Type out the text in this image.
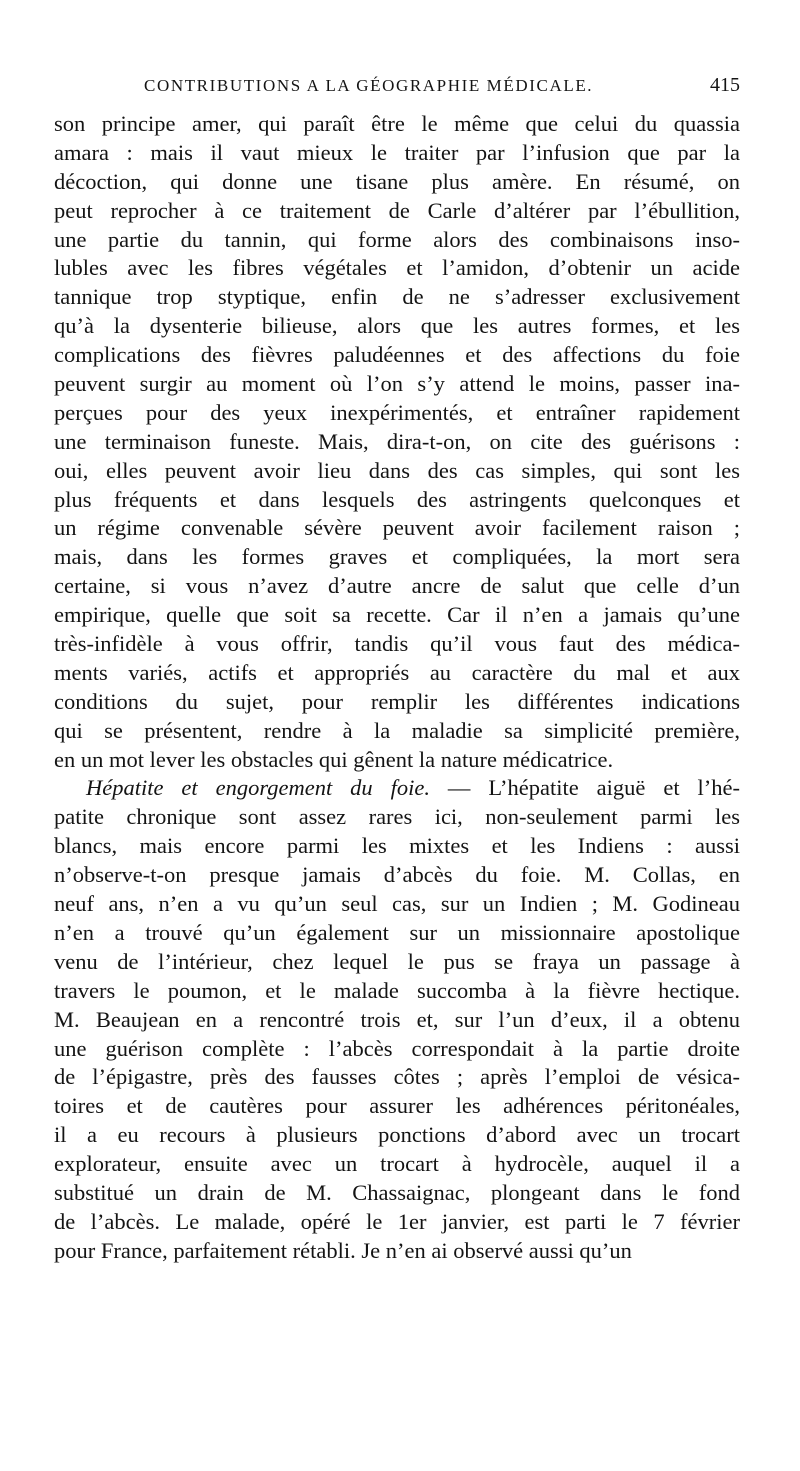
CONTRIBUTIONS A LA GÉOGRAPHIE MÉDICALE.	415
son principe amer, qui paraît être le même que celui du quassia
amara : mais il vaut mieux le traiter par l’infusion que par la
décoction, qui donne une tisane plus amère. En résumé, on
peut reprocher à ce traitement de Carle d’altérer par l’ébullition,
une partie du tannin, qui forme alors des combinaisons inso-
lubles avec les fibres végétales et l’amidon, d’obtenir un acide
tannique trop styptique, enfin de ne s’adresser exclusivement
qu’à la dysenterie bilieuse, alors que les autres formes, et les
complications des fièvres paludéennes et des affections du foie
peuvent surgir au moment où l’on s’y attend le moins, passer ina-
perçues pour des yeux inexpérimentés, et entraîner rapidement
une terminaison funeste. Mais, dira-t-on, on cite des guérisons :
oui, elles peuvent avoir lieu dans des cas simples, qui sont les
plus fréquents et dans lesquels des astringents quelconques et
un régime convenable sévère peuvent avoir facilement raison ;
mais, dans les formes graves et compliquées, la mort sera
certaine, si vous n’avez d’autre ancre de salut que celle d’un
empirique, quelle que soit sa recette. Car il n’en a jamais qu’une
très-infidèle à vous offrir, tandis qu’il vous faut des médica-
ments variés, actifs et appropriés au caractère du mal et aux
conditions du sujet, pour remplir les différentes indications
qui se présentent, rendre à la maladie sa simplicité première,
en un mot lever les obstacles qui gênent la nature médicatrice.
Hépatite et engorgement du foie. — L’hépatite aiguë et l’hé-
patite chronique sont assez rares ici, non-seulement parmi les
blancs, mais encore parmi les mixtes et les Indiens : aussi
n’observe-t-on presque jamais d’abcès du foie. M. Collas, en
neuf ans, n’en a vu qu’un seul cas, sur un Indien ; M. Godineau
n’en a trouvé qu’un également sur un missionnaire apostolique
venu de l’intérieur, chez lequel le pus se fraya un passage à
travers le poumon, et le malade succomba à la fièvre hectique.
M. Beaujean en a rencontré trois et, sur l’un d’eux, il a obtenu
une guérison complète : l’abcès correspondait à la partie droite
de l’épigastre, près des fausses côtes ; après l’emploi de vésica-
toires et de cautères pour assurer les adhérences péritonéales,
il a eu recours à plusieurs ponctions d’abord avec un trocart
explorateur, ensuite avec un trocart à hydrocèle, auquel il a
substitué un drain de M. Chassaignac, plongeant dans le fond
de l’abcès. Le malade, opéré le 1er janvier, est parti le 7 février
pour France, parfaitement rétabli. Je n’en ai observé aussi qu’un
